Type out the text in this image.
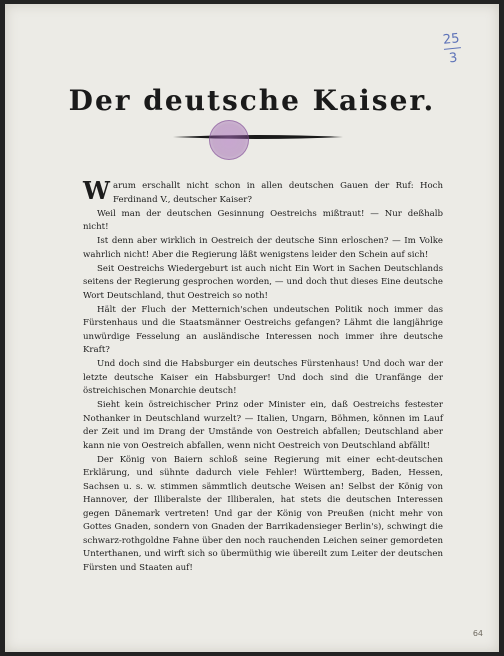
$\frac{25}{3}$
Der deutsche Kaiser.

Warum erschallt nicht schon in allen deutschen Gauen der Ruf: Hoch Ferdinand V., deutscher Kaiser?

Weil man der deutschen Gesinnung Oestreichs mißtraut! — Nur deßhalb nicht!

Ist denn aber wirklich in Oestreich der deutsche Sinn erloschen? — Im Volke wahrlich nicht! Aber die Regierung läßt wenigstens leider den Schein auf sich!

Seit Oestreichs Wiedergeburt ist auch nicht Ein Wort in Sachen Deutschlands seitens der Regierung gesprochen worden, — und doch thut dieses Eine deutsche Wort Deutschland, thut Oestreich so noth!

Hält der Fluch der Metternich'schen undeutschen Politik noch immer das Fürstenhaus und die Staatsmänner Oestreichs gefangen? Lähmt die langjährige unwürdige Fesselung an ausländische Interessen noch immer ihre deutsche Kraft?

Und doch sind die Habsburger ein deutsches Fürstenhaus! Und doch war der letzte deutsche Kaiser ein Habsburger! Und doch sind die Uranfänge der östreichischen Monarchie deutsch!

Sieht kein östreichischer Prinz oder Minister ein, daß Oestreichs festester Nothanker in Deutschland wurzelt? — Italien, Ungarn, Böhmen, können im Lauf der Zeit und im Drang der Umstände von Oestreich abfallen; Deutschland aber kann nie von Oestreich abfallen, wenn nicht Oestreich von Deutschland abfällt!

Der König von Baiern schloß seine Regierung mit einer echt-deutschen Erklärung, und sühnte dadurch viele Fehler! Württemberg, Baden, Hessen, Sachsen u. s. w. stimmen sämmtlich deutsche Weisen an! Selbst der König von Hannover, der Illiberalste der Illiberalen, hat stets die deutschen Interessen gegen Dänemark vertreten! Und gar der König von Preußen (nicht mehr von Gottes Gnaden, sondern von Gnaden der Barrikadensieger Berlin's), schwingt die schwarz-rothgoldne Fahne über den noch rauchenden Leichen seiner gemordeten Unterthanen, und wirft sich so übermüthig wie übereilt zum Leiter der deutschen Fürsten und Staaten auf!

64
